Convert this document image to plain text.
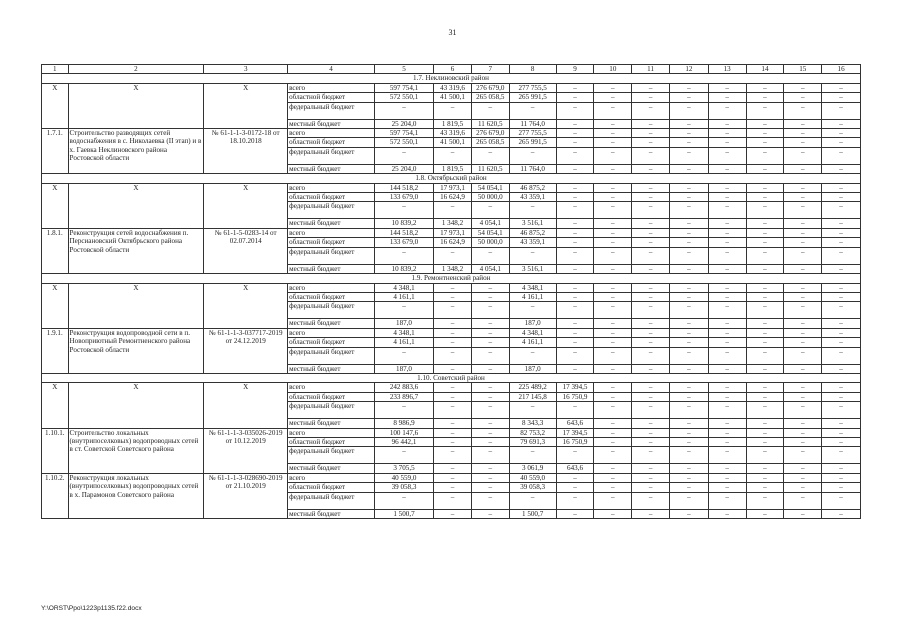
31
1	2	3	4	5	6	7	8	9	10	11	12	13	14	15	16
1.7. Неклиновский район															
Х	Х	Х	всего	597 754,1	43 319,6	276 679,0	277 755,5	–	–	–	–	–	–	–	–
			областной бюджет	572 550,1	41 500,1	265 058,5	265 991,5	–	–	–	–	–	–	–	–
			федеральный бюджет	–	–	–	–	–	–	–	–	–	–	–	–
			местный бюджет	25 204,0	1 819,5	11 620,5	11 764,0	–	–	–	–	–	–	–	–
1.7.1.	Строительство разводящих сетей водоснабжения в с. Николаевка (II этап) и в х. Гаевка Неклиновского района Ростовской области	№ 61-1-1-3-0172-18 от 18.10.2018	всего	597 754,1	43 319,6	276 679,0	277 755,5	–	–	–	–	–	–	–	–
			областной бюджет	572 550,1	41 500,1	265 058,5	265 991,5	–	–	–	–	–	–	–	–
			федеральный бюджет	–	–	–	–	–	–	–	–	–	–	–	–
			местный бюджет	25 204,0	1 819,5	11 620,5	11 764,0	–	–	–	–	–	–	–	–
1.8. Октябрьский район															
Х	Х	Х	всего	144 518,2	17 973,1	54 054,1	46 875,2	–	–	–	–	–	–	–	–
			областной бюджет	133 679,0	16 624,9	50 000,0	43 359,1	–	–	–	–	–	–	–	–
			федеральный бюджет	–	–	–	–	–	–	–	–	–	–	–	–
			местный бюджет	10 839,2	1 348,2	4 054,1	3 516,1	–	–	–	–	–	–	–	–
1.8.1.	Реконструкция сетей водоснабжения п. Персиановский Октябрьского района Ростовской области	№ 61-1-5-0283-14 от 02.07.2014	всего	144 518,2	17 973,1	54 054,1	46 875,2	–	–	–	–	–	–	–	–
			областной бюджет	133 679,0	16 624,9	50 000,0	43 359,1	–	–	–	–	–	–	–	–
			федеральный бюджет	–	–	–	–	–	–	–	–	–	–	–	–
			местный бюджет	10 839,2	1 348,2	4 054,1	3 516,1	–	–	–	–	–	–	–	–
1.9. Ремонтненский район															
Х	Х	Х	всего	4 348,1	–	–	4 348,1	–	–	–	–	–	–	–	–
			областной бюджет	4 161,1	–	–	4 161,1	–	–	–	–	–	–	–	–
			федеральный бюджет	–	–	–	–	–	–	–	–	–	–	–	–
			местный бюджет	187,0	–	–	187,0	–	–	–	–	–	–	–	–
1.9.1.	Реконструкция водопроводной сети в п. Новоприютный Ремонтненского района Ростовской области	№ 61-1-1-3-037717-2019 от 24.12.2019	всего	4 348,1	–	–	4 348,1	–	–	–	–	–	–	–	–
			областной бюджет	4 161,1	–	–	4 161,1	–	–	–	–	–	–	–	–
			федеральный бюджет	–	–	–	–	–	–	–	–	–	–	–	–
			местный бюджет	187,0	–	–	187,0	–	–	–	–	–	–	–	–
1.10. Советский район															
Х	Х	Х	всего	242 883,6	–	–	225 489,2	17 394,5	–	–	–	–	–	–	–
			областной бюджет	233 896,7	–	–	217 145,8	16 750,9	–	–	–	–	–	–	–
			федеральный бюджет	–	–	–	–	–	–	–	–	–	–	–	–
			местный бюджет	8 986,9	–	–	8 343,3	643,6	–	–	–	–	–	–	–
1.10.1.	Строительство локальных (внутрипоселковых) водопроводных сетей в ст. Советской Советского района	№ 61-1-1-3-035026-2019 от 10.12.2019	всего	100 147,6	–	–	82 753,2	17 394,5	–	–	–	–	–	–	–
			областной бюджет	96 442,1	–	–	79 691,3	16 750,9	–	–	–	–	–	–	–
			федеральный бюджет	–	–	–	–	–	–	–	–	–	–	–	–
			местный бюджет	3 705,5	–	–	3 061,9	643,6	–	–	–	–	–	–	–
1.10.2.	Реконструкция локальных (внутрипоселковых) водопроводных сетей в х. Парамонов Советского района	№ 61-1-1-3-028690-2019 от 21.10.2019	всего	40 559,0	–	–	40 559,0	–	–	–	–	–	–	–	–
			областной бюджет	39 058,3	–	–	39 058,3	–	–	–	–	–	–	–	–
			федеральный бюджет	–	–	–	–	–	–	–	–	–	–	–	–
			местный бюджет	1 500,7	–	–	1 500,7	–	–	–	–	–	–	–	–
Y:\ORST\Ppo\1223p1135.f22.docx
